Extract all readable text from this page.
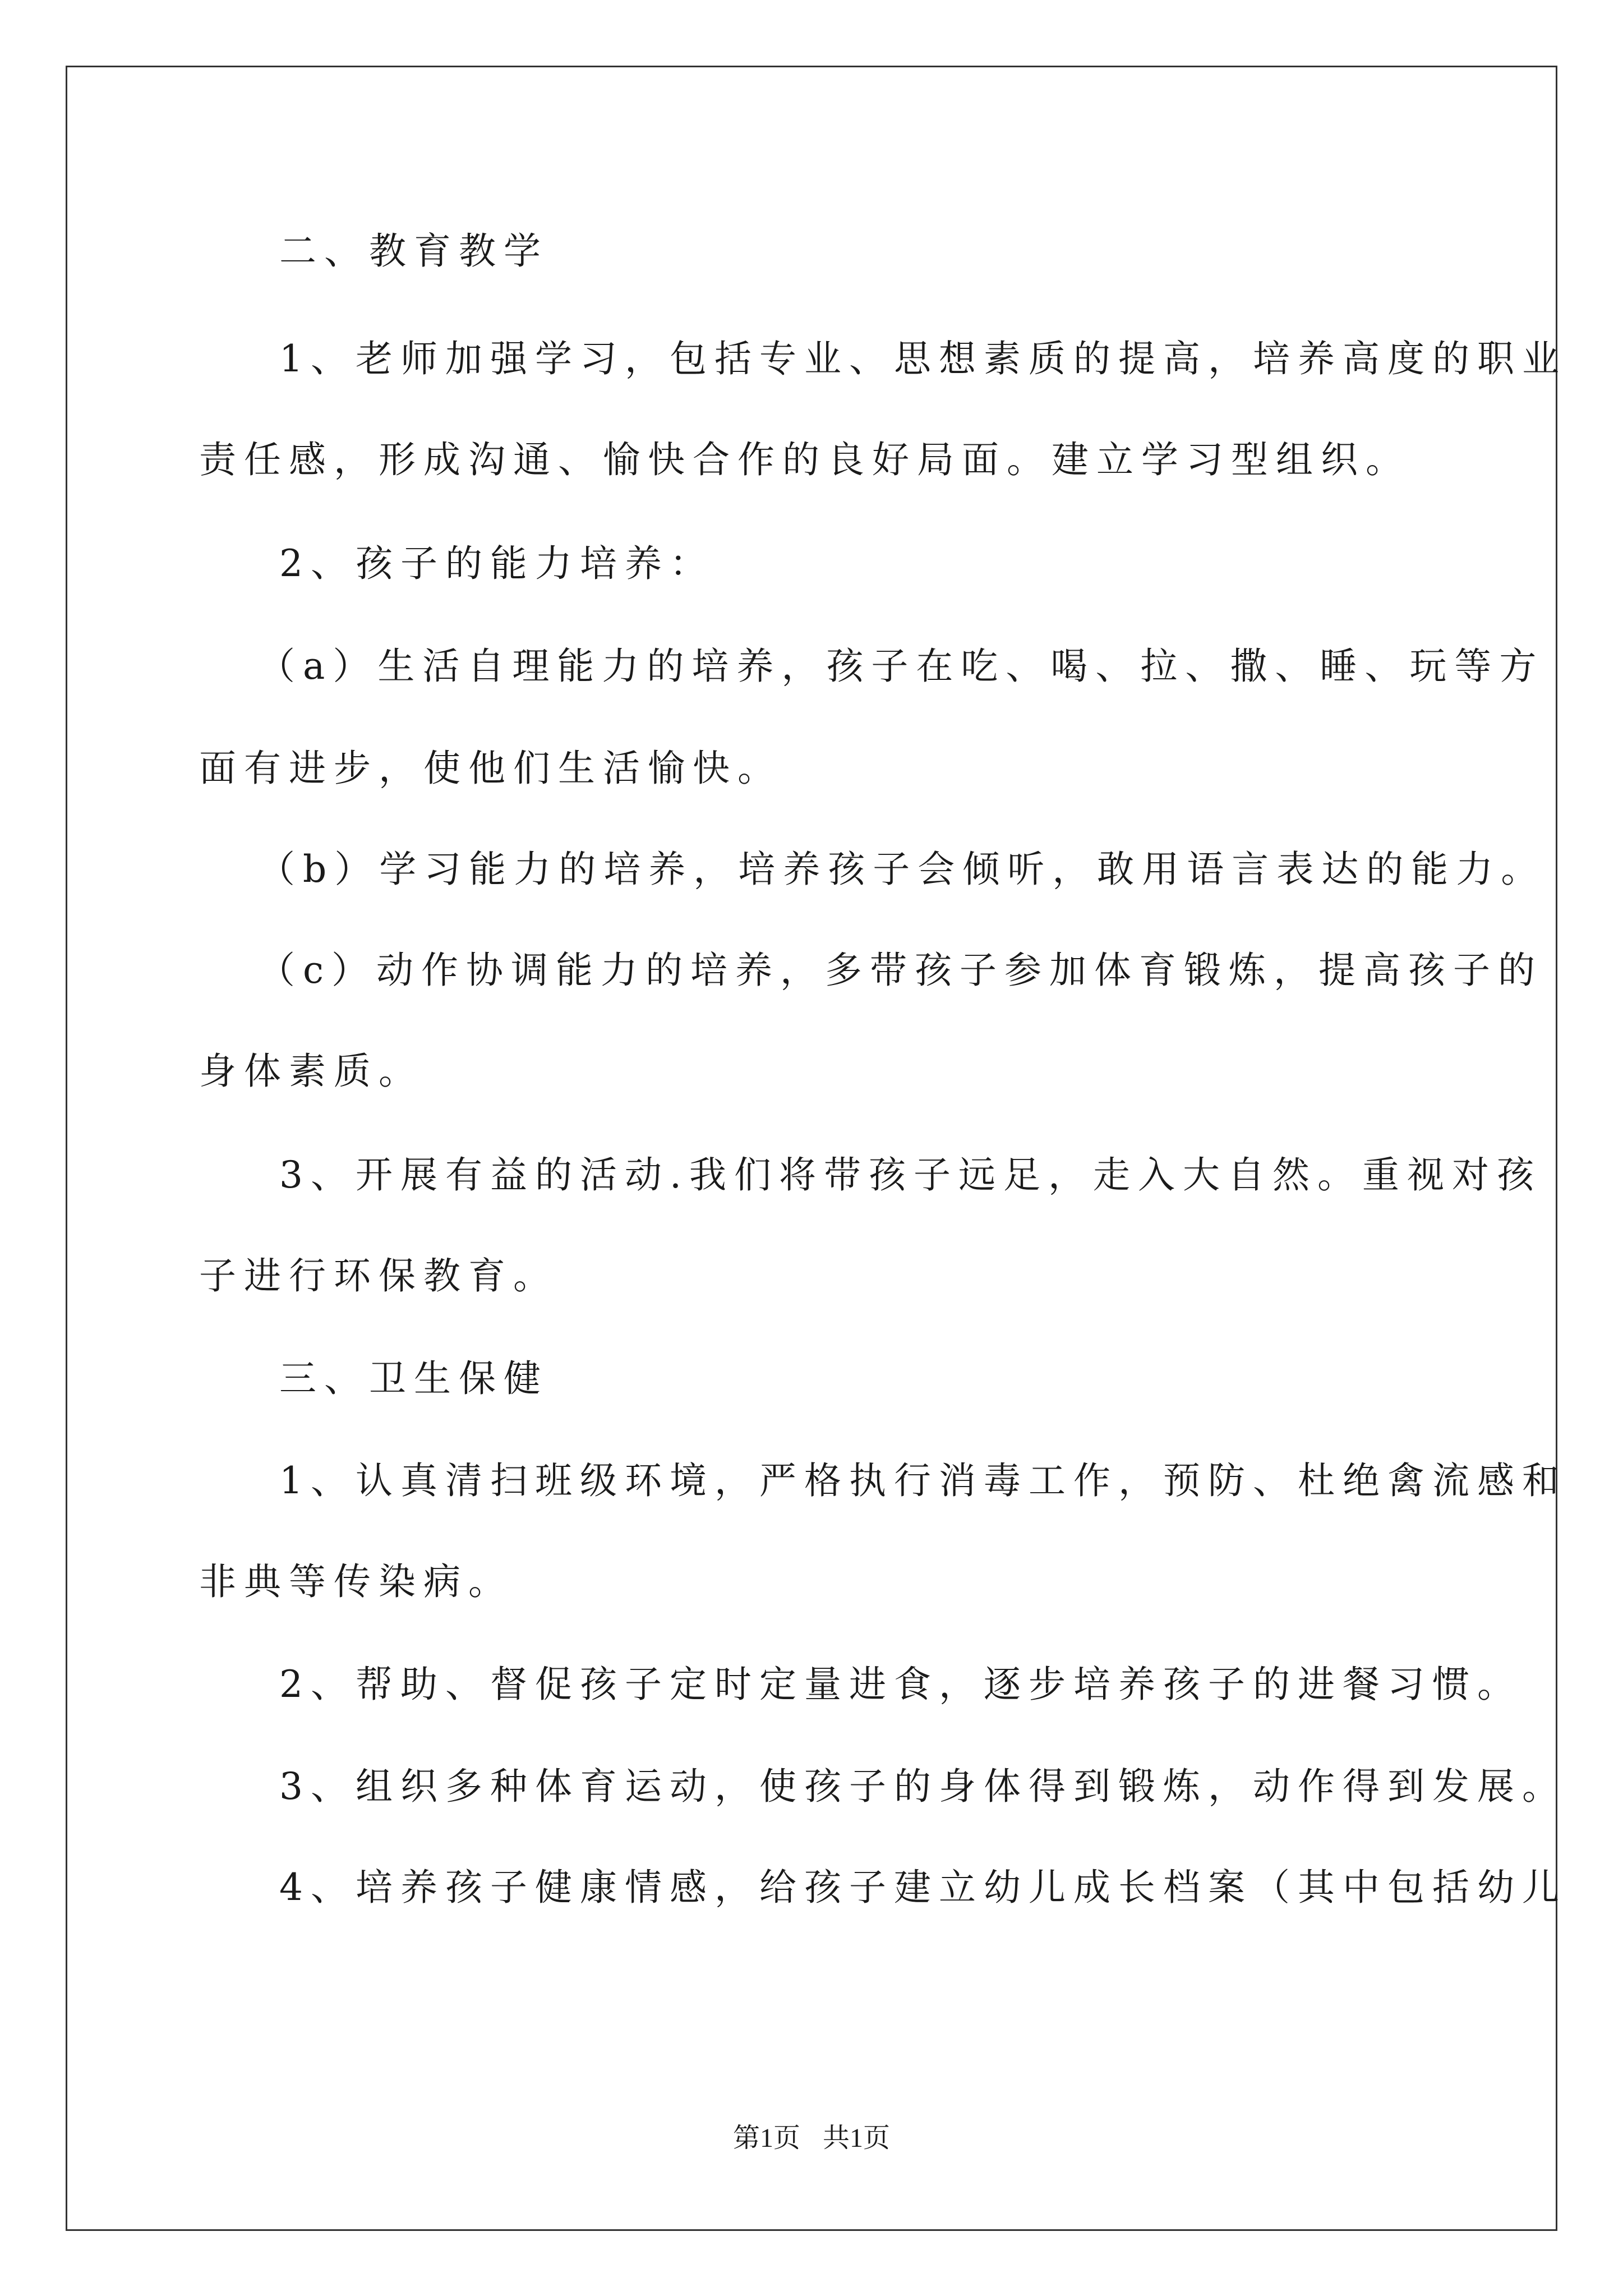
二、教育教学
1、老师加强学习，包括专业、思想素质的提高，培养高度的职业
责任感，形成沟通、愉快合作的良好局面。建立学习型组织。
2、孩子的能力培养：
（a）生活自理能力的培养，孩子在吃、喝、拉、撒、睡、玩等方
面有进步，使他们生活愉快。
（b）学习能力的培养，培养孩子会倾听，敢用语言表达的能力。
（c）动作协调能力的培养，多带孩子参加体育锻炼，提高孩子的
身体素质。
3、开展有益的活动.我们将带孩子远足，走入大自然。重视对孩
子进行环保教育。
三、卫生保健
1、认真清扫班级环境，严格执行消毒工作，预防、杜绝禽流感和
非典等传染病。
2、帮助、督促孩子定时定量进食，逐步培养孩子的进餐习惯。
3、组织多种体育运动，使孩子的身体得到锻炼，动作得到发展。
4、培养孩子健康情感，给孩子建立幼儿成长档案（其中包括幼儿
第1页 共1页
